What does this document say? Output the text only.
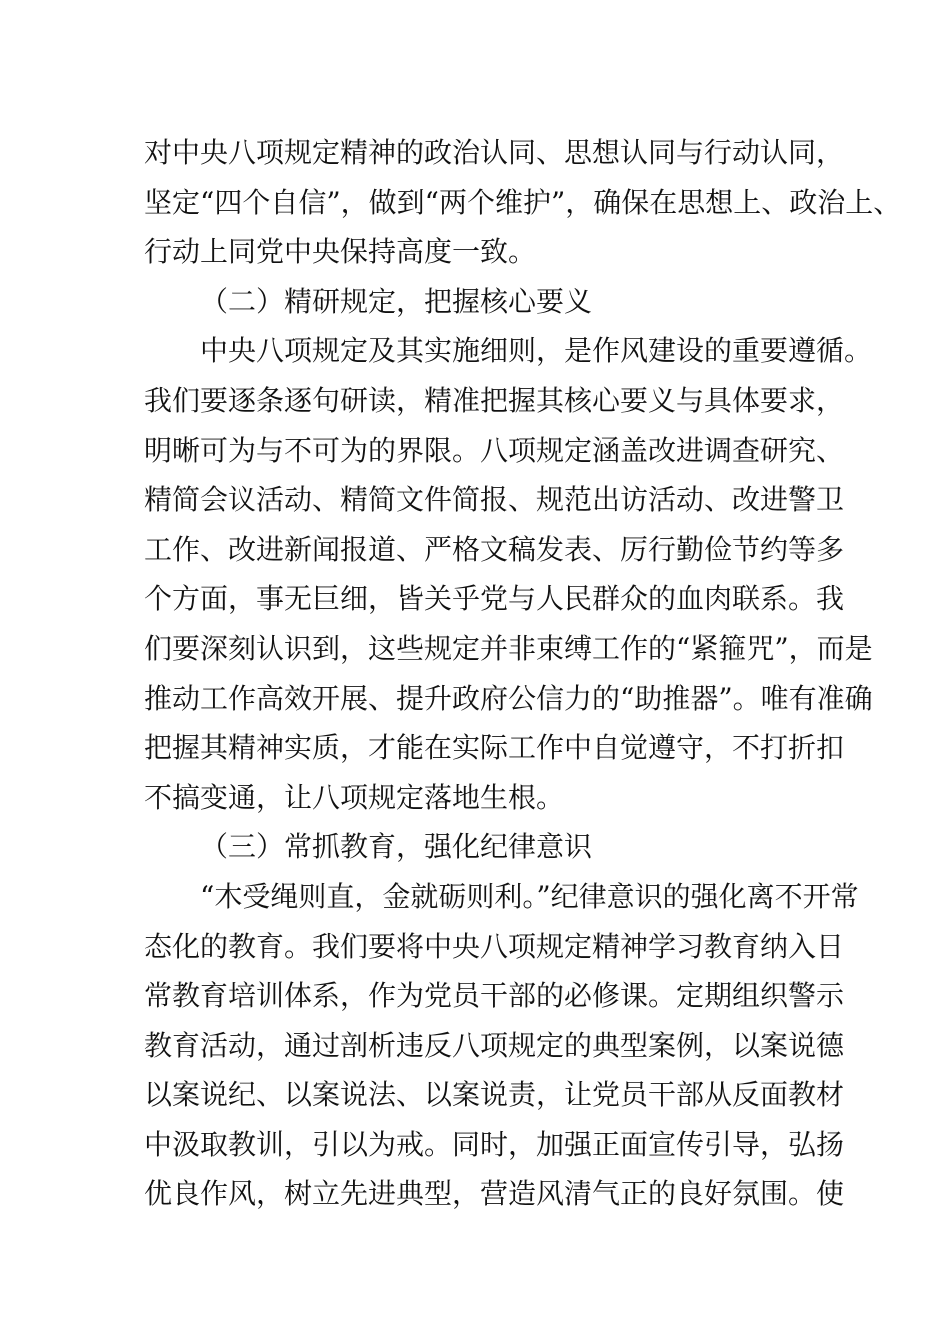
对中央八项规定精神的政治认同、思想认同与行动认同，
坚定“四个自信”，做到“两个维护”，确保在思想上、政治上、
行动上同党中央保持高度一致。
（二）精研规定，把握核心要义
中央八项规定及其实施细则，是作风建设的重要遵循。
我们要逐条逐句研读，精准把握其核心要义与具体要求，
明晰可为与不可为的界限。八项规定涵盖改进调查研究、
精简会议活动、精简文件简报、规范出访活动、改进警卫
工作、改进新闻报道、严格文稿发表、厉行勤俭节约等多
个方面，事无巨细，皆关乎党与人民群众的血肉联系。我
们要深刻认识到，这些规定并非束缚工作的“紧箍咒”，而是
推动工作高效开展、提升政府公信力的“助推器”。唯有准确
把握其精神实质，才能在实际工作中自觉遵守，不打折扣
不搞变通，让八项规定落地生根。
（三）常抓教育，强化纪律意识
“木受绳则直，金就砺则利。”纪律意识的强化离不开常
态化的教育。我们要将中央八项规定精神学习教育纳入日
常教育培训体系，作为党员干部的必修课。定期组织警示
教育活动，通过剖析违反八项规定的典型案例，以案说德
以案说纪、以案说法、以案说责，让党员干部从反面教材
中汲取教训，引以为戒。同时，加强正面宣传引导，弘扬
优良作风，树立先进典型，营造风清气正的良好氛围。使
